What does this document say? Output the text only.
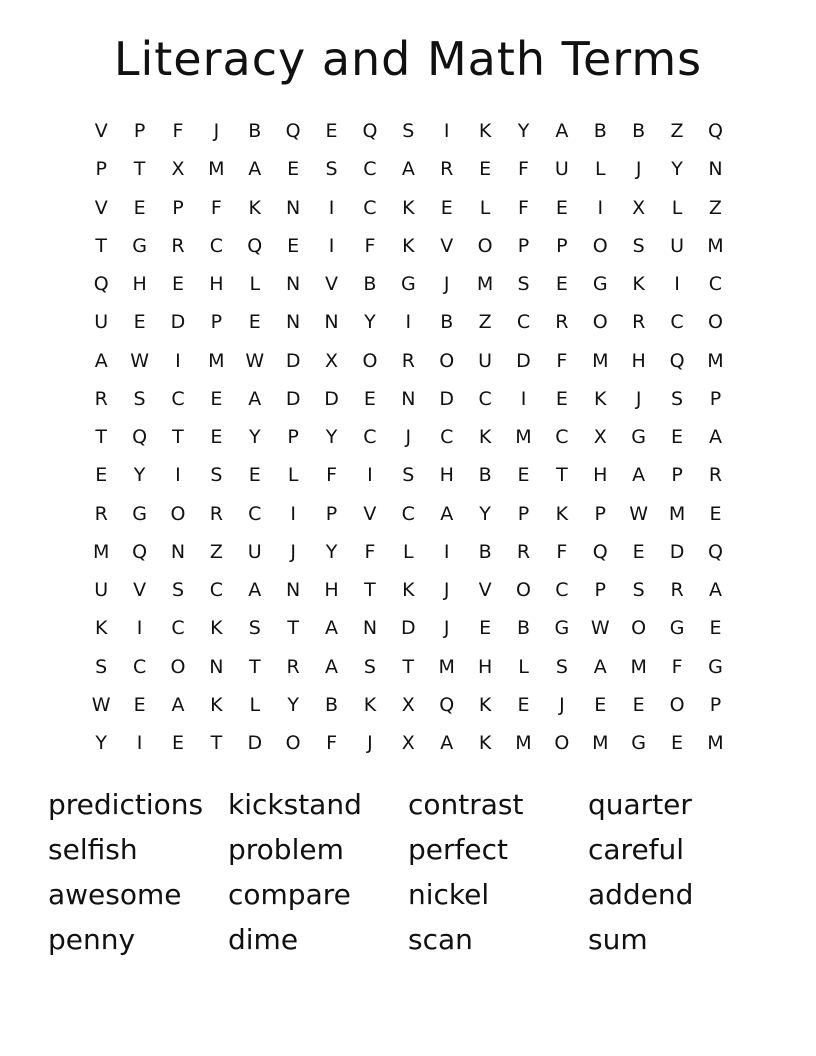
Literacy and Math Terms
V	P	F	J	B	Q	E	Q	S	I	K	Y	A	B	B	Z	Q
P	T	X	M	A	E	S	C	A	R	E	F	U	L	J	Y	N
V	E	P	F	K	N	I	C	K	E	L	F	E	I	X	L	Z
T	G	R	C	Q	E	I	F	K	V	O	P	P	O	S	U	M
Q	H	E	H	L	N	V	B	G	J	M	S	E	G	K	I	C
U	E	D	P	E	N	N	Y	I	B	Z	C	R	O	R	C	O
A	W	I	M	W	D	X	O	R	O	U	D	F	M	H	Q	M
R	S	C	E	A	D	D	E	N	D	C	I	E	K	J	S	P
T	Q	T	E	Y	P	Y	C	J	C	K	M	C	X	G	E	A
E	Y	I	S	E	L	F	I	S	H	B	E	T	H	A	P	R
R	G	O	R	C	I	P	V	C	A	Y	P	K	P	W	M	E
M	Q	N	Z	U	J	Y	F	L	I	B	R	F	Q	E	D	Q
U	V	S	C	A	N	H	T	K	J	V	O	C	P	S	R	A
K	I	C	K	S	T	A	N	D	J	E	B	G	W	O	G	E
S	C	O	N	T	R	A	S	T	M	H	L	S	A	M	F	G
W	E	A	K	L	Y	B	K	X	Q	K	E	J	E	E	O	P
Y	I	E	T	D	O	F	J	X	A	K	M	O	M	G	E	M
predictions kickstand	contrast	quarter
selfish	problem	perfect	careful
awesome	compare	nickel	addend
penny	dime	scan	sum
